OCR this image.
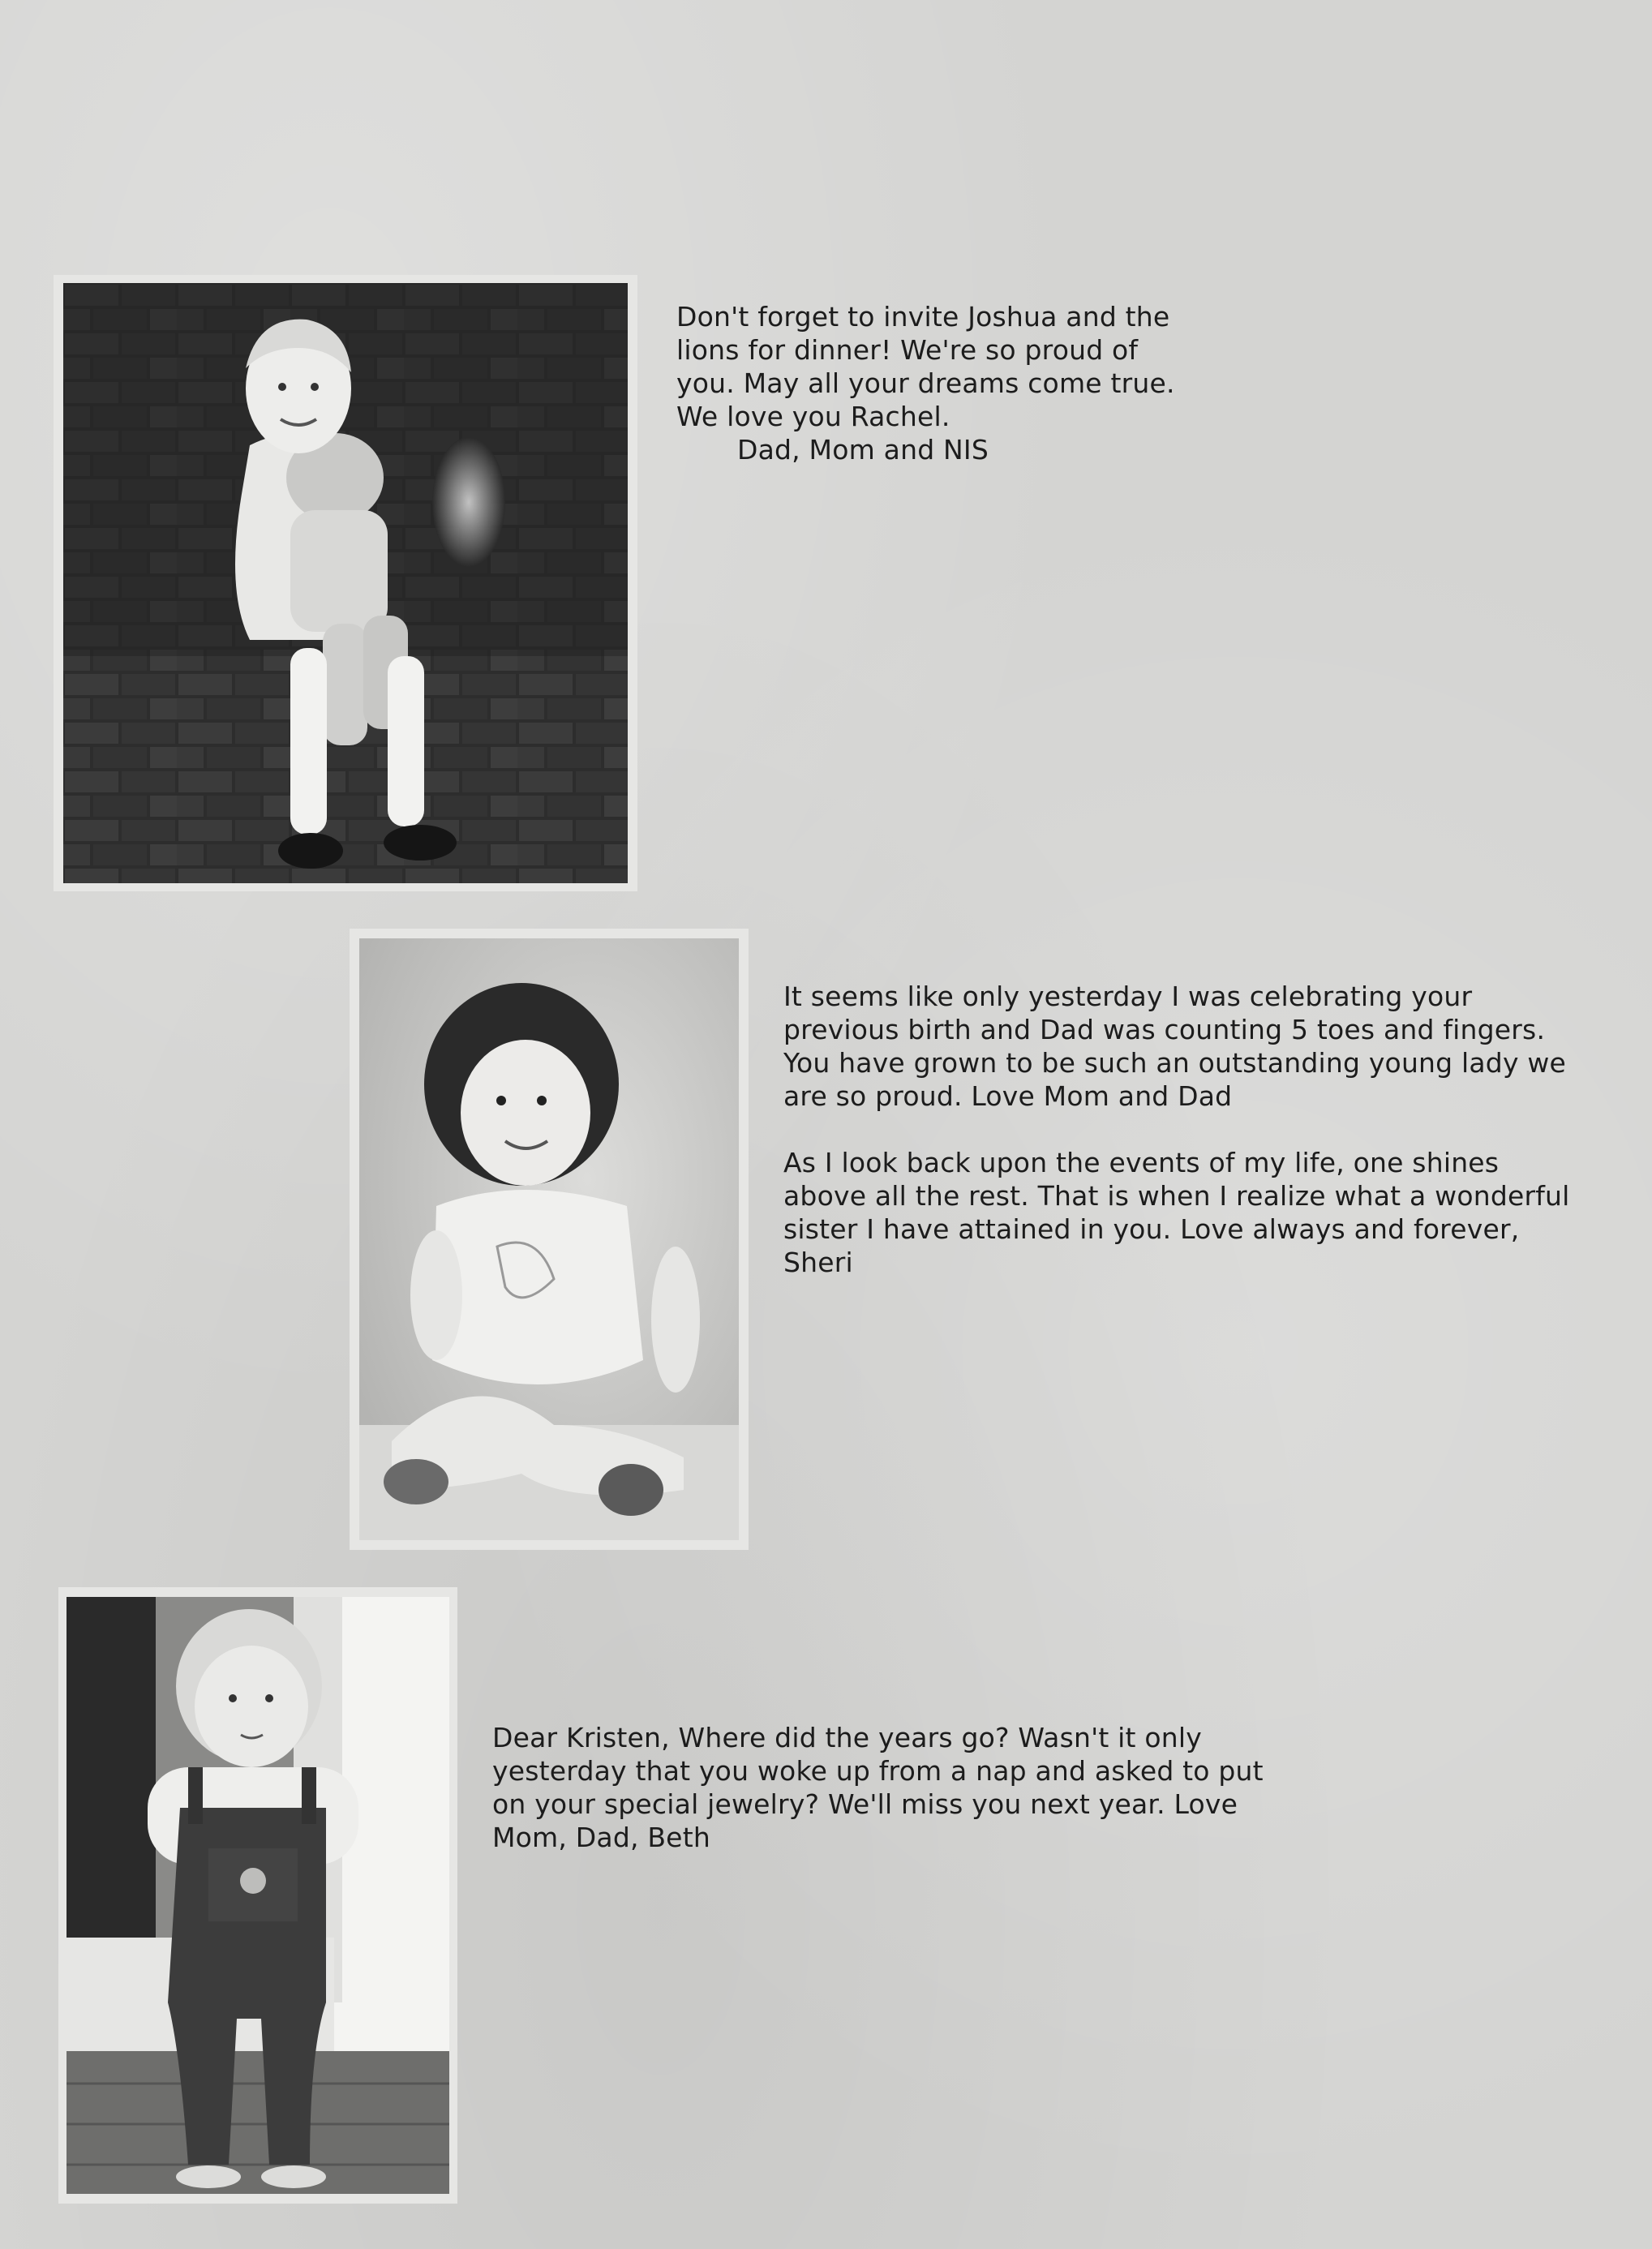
Don't forget to invite Joshua and the

lions for dinner! We're so proud of

you. May all your dreams come true.

We love you Rachel.

Dad, Mom and NIS

It seems like only yesterday I was celebrating your

previous birth and Dad was counting 5 toes and fingers.

You have grown to be such an outstanding young lady we

are so proud. Love Mom and Dad

As I look back upon the events of my life, one shines

above all the rest. That is when I realize what a wonderful

sister I have attained in you. Love always and forever,

Sheri

Dear Kristen, Where did the years go? Wasn't it only

yesterday that you woke up from a nap and asked to put

on your special jewelry? We'll miss you next year. Love

Mom, Dad, Beth
